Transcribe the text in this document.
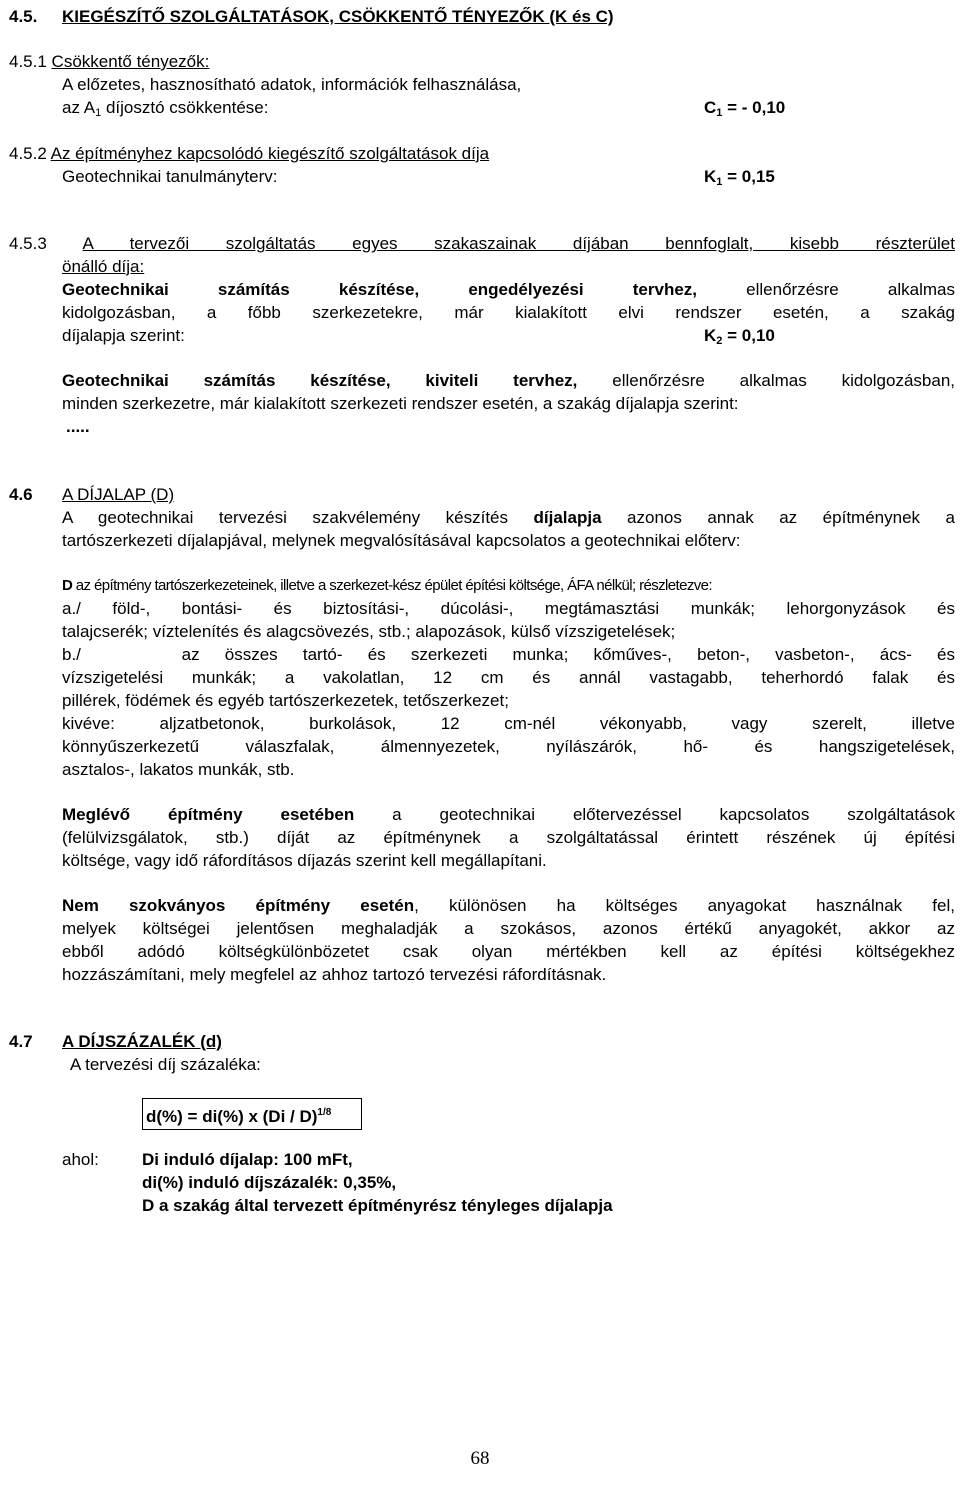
4.5. KIEGÉSZÍTŐ SZOLGÁLTATÁSOK, CSÖKKENTŐ TÉNYEZŐK (K és C)
4.5.1 Csökkentő tényezők:
A előzetes, hasznosítható adatok, információk felhasználása,
az $A_1$ díjosztó csökkentése:	$C_1$ = - 0,10
4.5.2 Az építményhez kapcsolódó kiegészítő szolgáltatások díja
Geotechnikai tanulmányterv:	$K_1 = 0,15$
4.5.3 A tervezői szolgáltatás egyes szakaszainak díjában bennfoglalt, kisebb részterület
önálló díja:
Geotechnikai számítás készítése, engedélyezési tervhez, ellenőrzésre alkalmas
kidolgozásban, a főbb szerkezetekre, már kialakított elvi rendszer esetén, a szakág
díjalapja szerint:	$K_2 = 0,10$
Geotechnikai számítás készítése, kiviteli tervhez, ellenőrzésre alkalmas kidolgozásban,
minden szerkezetre, már kialakított szerkezeti rendszer esetén, a szakág díjalapja szerint:
.....
4.6 A DÍJALAP (D)
A geotechnikai tervezési szakvélemény készítés díjalapja azonos annak az építménynek a
tartószerkezeti díjalapjával, melynek megvalósításával kapcsolatos a geotechnikai előterv:
D az építmény tartószerkezeteinek, illetve a szerkezet-kész épület építési költsége, ÁFA nélkül; részletezve:
a./ föld-, bontási- és biztosítási-, dúcolási-, megtámasztási munkák; lehorgonyzások és
talajcserék; víztelenítés és alagcsövezés, stb.; alapozások, külső vízszigetelések;
b./    az összes tartó- és szerkezeti munka; kőműves-, beton-, vasbeton-, ács- és
vízszigetelési munkák; a vakolatlan, 12 cm és annál vastagabb, teherhordó falak és
pillérek, födémek és egyéb tartószerkezetek, tetőszerkezet;
kivéve: aljzatbetonok, burkolások, 12 cm-nél vékonyabb, vagy szerelt, illetve
könnyűszerkezetű válaszfalak, álmennyezetek, nyílászárók, hő- és hangszigetelések,
asztalos-, lakatos munkák, stb.
Meglévő építmény esetében a geotechnikai előtervezéssel kapcsolatos szolgáltatások
(felülvizsgálatok, stb.) díját az építménynek a szolgáltatással érintett részének új építési
költsége, vagy idő ráfordításos díjazás szerint kell megállapítani.
Nem szokványos építmény esetén, különösen ha költséges anyagokat használnak fel,
melyek költségei jelentősen meghaladják a szokásos, azonos értékű anyagokét, akkor az
ebből adódó költségkülönbözetet csak olyan mértékben kell az építési költségekhez
hozzászámítani, mely megfelel az ahhoz tartozó tervezési ráfordításnak.
4.7 A DÍJSZÁZALÉK (d)
A tervezési díj százaléka:
d(%) = di(%) x (Di / D)$^{1/8}$
ahol:	Di induló díjalap: 100 mFt,
di(%) induló díjszázalék: 0,35%,
D a szakág által tervezett építményrész tényleges díjalapja
68
